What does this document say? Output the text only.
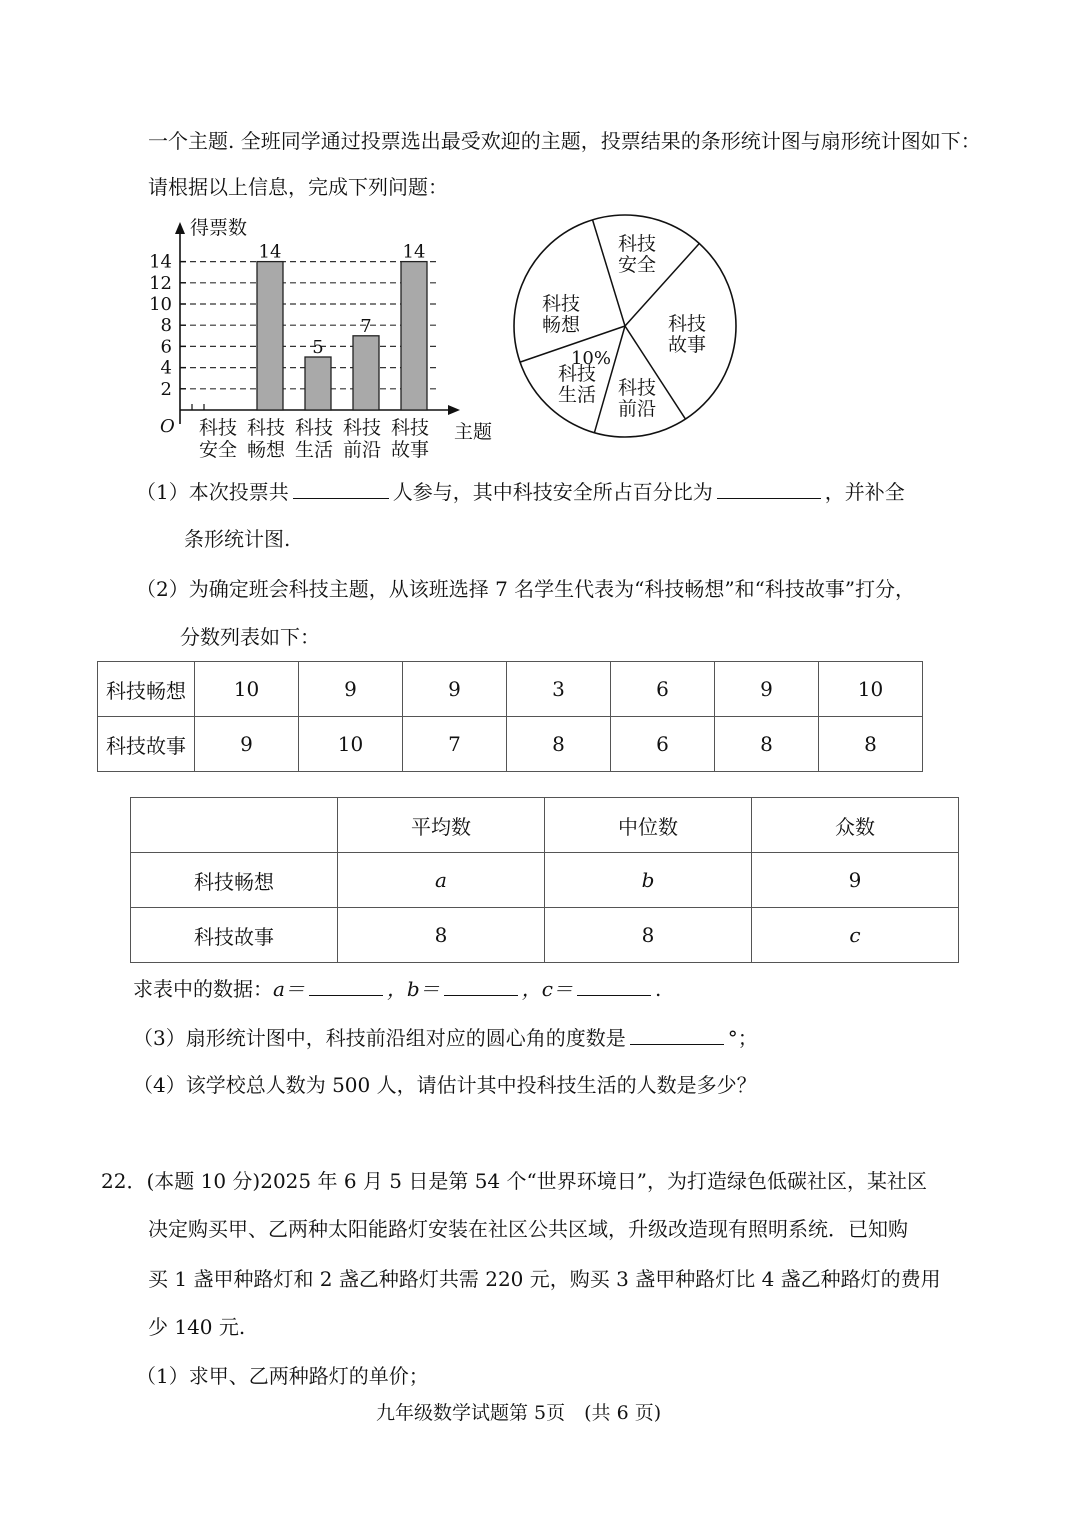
一个主题. 全班同学通过投票选出最受欢迎的主题，投票结果的条形统计图与扇形统计图如下：
请根据以上信息，完成下列问题：
2
4
6
8
10
12
14
得票数
主题
O 科技
安全
14
科技
畅想
5
科技
生活
7
科技
前沿
14
科技
故事
科技
安全
科技
故事
科技
前沿
科技
生活
10%
科技
畅想
（1）本次投票共	人参与，其中科技安全所占百分比为	，并补全
条形统计图.
（2）为确定班会科技主题，从该班选择 7 名学生代表为“科技畅想”和“科技故事”打分，
分数列表如下：
科技畅想	10	9	9	3	6	9	10
科技故事	9	10	7	8	6	8	8
	平均数	中位数	众数
科技畅想	a	b	9
科技故事	8	8	c
求表中的数据：a＝	，b＝	，c＝	.
（3）扇形统计图中，科技前沿组对应的圆心角的度数是	°；
（4）该学校总人数为 500 人，请估计其中投科技生活的人数是多少？
22．(本题 10 分)2025 年 6 月 5 日是第 54 个“世界环境日”，为打造绿色低碳社区，某社区
决定购买甲、乙两种太阳能路灯安装在社区公共区域，升级改造现有照明系统．已知购
买 1 盏甲种路灯和 2 盏乙种路灯共需 220 元，购买 3 盏甲种路灯比 4 盏乙种路灯的费用
少 140 元.
（1）求甲、乙两种路灯的单价；
九年级数学试题第 5页　(共 6 页)
